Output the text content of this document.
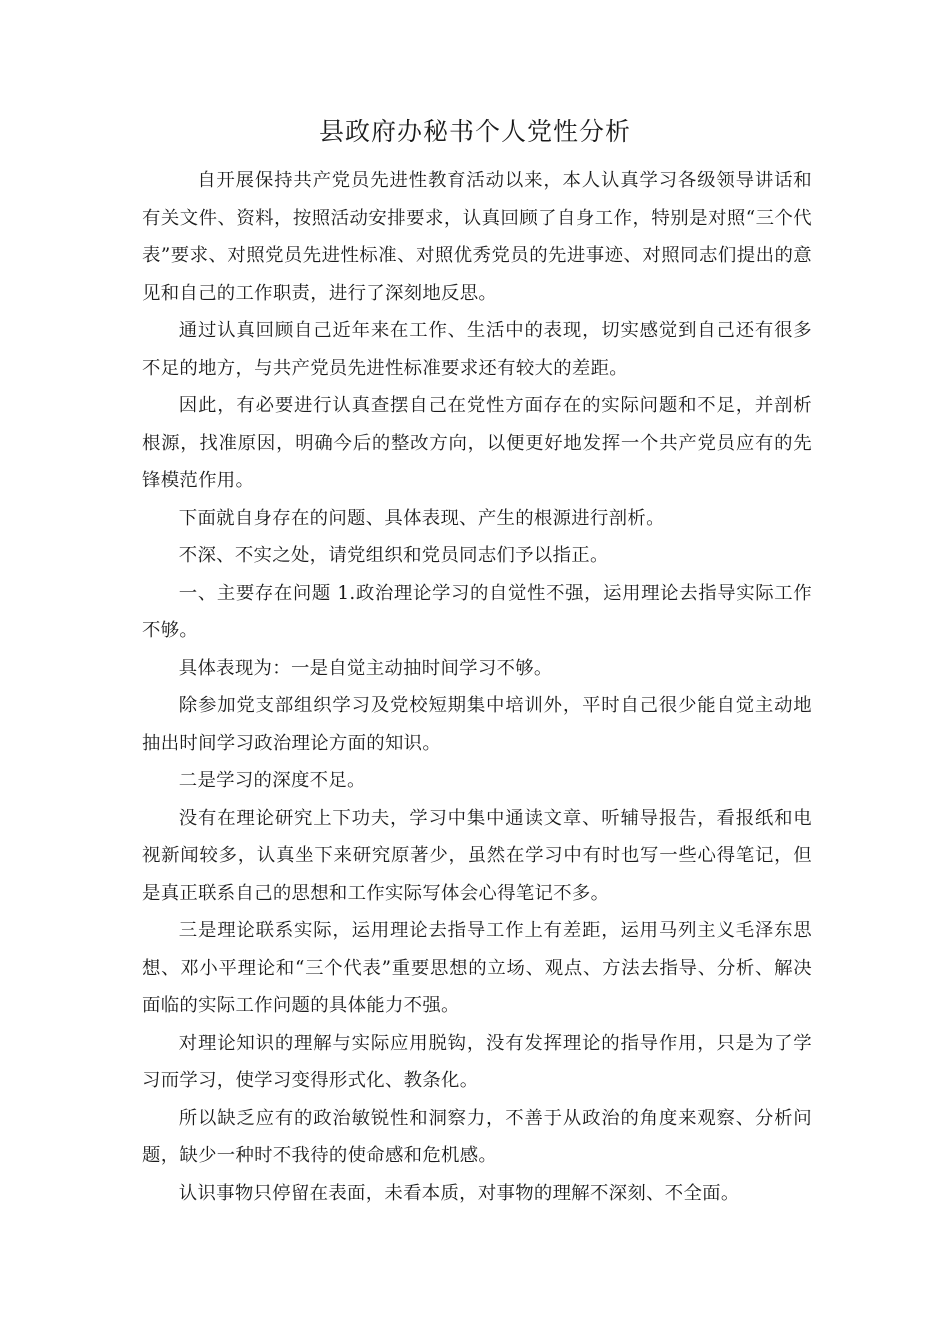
县政府办秘书个人党性分析

自开展保持共产党员先进性教育活动以来，本人认真学习各级领导讲话和有关文件、资料，按照活动安排要求，认真回顾了自身工作，特别是对照“三个代表”要求、对照党员先进性标准、对照优秀党员的先进事迹、对照同志们提出的意见和自己的工作职责，进行了深刻地反思。

通过认真回顾自己近年来在工作、生活中的表现，切实感觉到自己还有很多不足的地方，与共产党员先进性标准要求还有较大的差距。

因此，有必要进行认真查摆自己在党性方面存在的实际问题和不足，并剖析根源，找准原因，明确今后的整改方向，以便更好地发挥一个共产党员应有的先锋模范作用。

下面就自身存在的问题、具体表现、产生的根源进行剖析。

不深、不实之处，请党组织和党员同志们予以指正。

一、主要存在问题 1.政治理论学习的自觉性不强，运用理论去指导实际工作不够。

具体表现为：一是自觉主动抽时间学习不够。

除参加党支部组织学习及党校短期集中培训外，平时自己很少能自觉主动地抽出时间学习政治理论方面的知识。

二是学习的深度不足。

没有在理论研究上下功夫，学习中集中通读文章、听辅导报告，看报纸和电视新闻较多，认真坐下来研究原著少，虽然在学习中有时也写一些心得笔记，但是真正联系自己的思想和工作实际写体会心得笔记不多。

三是理论联系实际，运用理论去指导工作上有差距，运用马列主义毛泽东思想、邓小平理论和“三个代表”重要思想的立场、观点、方法去指导、分析、解决面临的实际工作问题的具体能力不强。

对理论知识的理解与实际应用脱钩，没有发挥理论的指导作用，只是为了学习而学习，使学习变得形式化、教条化。

所以缺乏应有的政治敏锐性和洞察力，不善于从政治的角度来观察、分析问题，缺少一种时不我待的使命感和危机感。

认识事物只停留在表面，未看本质，对事物的理解不深刻、不全面。
